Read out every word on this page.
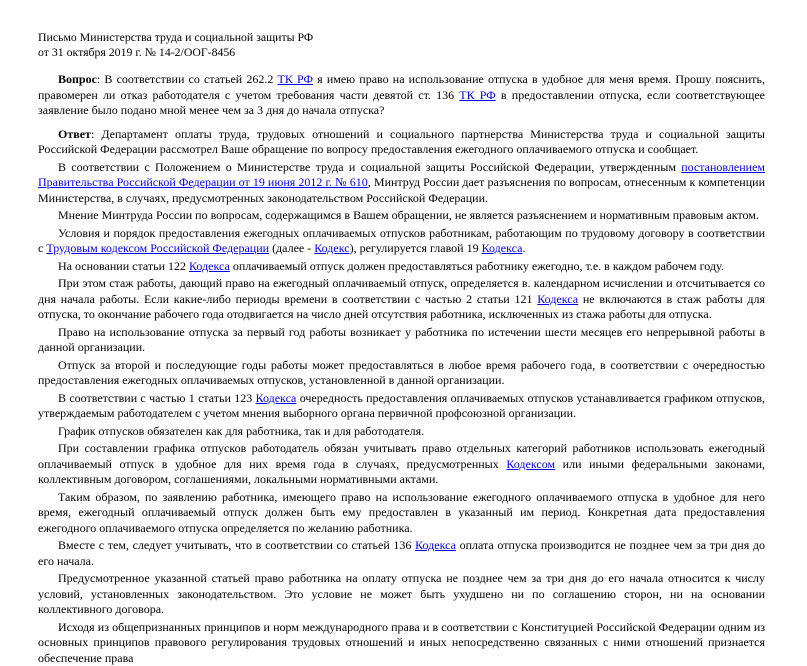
Письмо Министерства труда и социальной защиты РФ
от 31 октября 2019 г. № 14-2/ООГ-8456

Вопрос: В соответствии со статьей 262.2 ТК РФ я имею право на использование отпуска в удобное для меня время. Прошу пояснить, правомерен ли отказ работодателя с учетом требования части девятой ст. 136 ТК РФ в предоставлении отпуска, если соответствующее заявление было подано мной менее чем за 3 дня до начала отпуска?

Ответ: Департамент оплаты труда, трудовых отношений и социального партнерства Министерства труда и социальной защиты Российской Федерации рассмотрел Ваше обращение по вопросу предоставления ежегодного оплачиваемого отпуска и сообщает.

В соответствии с Положением о Министерстве труда и социальной защиты Российской Федерации, утвержденным постановлением Правительства Российской Федерации от 19 июня 2012 г. № 610, Минтруд России дает разъяснения по вопросам, отнесенным к компетенции Министерства, в случаях, предусмотренных законодательством Российской Федерации.

Мнение Минтруда России по вопросам, содержащимся в Вашем обращении, не является разъяснением и нормативным правовым актом.

Условия и порядок предоставления ежегодных оплачиваемых отпусков работникам, работающим по трудовому договору в соответствии с Трудовым кодексом Российской Федерации (далее - Кодекс), регулируется главой 19 Кодекса.

На основании статьи 122 Кодекса оплачиваемый отпуск должен предоставляться работнику ежегодно, т.е. в каждом рабочем году.

При этом стаж работы, дающий право на ежегодный оплачиваемый отпуск, определяется в. календарном исчислении и отсчитывается со дня начала работы. Если какие-либо периоды времени в соответствии с частью 2 статьи 121 Кодекса не включаются в стаж работы для отпуска, то окончание рабочего года отодвигается на число дней отсутствия работника, исключенных из стажа работы для отпуска.

Право на использование отпуска за первый год работы возникает у работника по истечении шести месяцев его непрерывной работы в данной организации.

Отпуск за второй и последующие годы работы может предоставляться в любое время рабочего года, в соответствии с очередностью предоставления ежегодных оплачиваемых отпусков, установленной в данной организации.

В соответствии с частью 1 статьи 123 Кодекса очередность предоставления оплачиваемых отпусков устанавливается графиком отпусков, утверждаемым работодателем с учетом мнения выборного органа первичной профсоюзной организации.

График отпусков обязателен как для работника, так и для работодателя.

При составлении графика отпусков работодатель обязан учитывать право отдельных категорий работников использовать ежегодный оплачиваемый отпуск в удобное для них время года в случаях, предусмотренных Кодексом или иными федеральными законами, коллективным договором, соглашениями, локальными нормативными актами.

Таким образом, по заявлению работника, имеющего право на использование ежегодного оплачиваемого отпуска в удобное для него время, ежегодный оплачиваемый отпуск должен быть ему предоставлен в указанный им период. Конкретная дата предоставления ежегодного оплачиваемого отпуска определяется по желанию работника.

Вместе с тем, следует учитывать, что в соответствии со статьей 136 Кодекса оплата отпуска производится не позднее чем за три дня до его начала.

Предусмотренное указанной статьей право работника на оплату отпуска не позднее чем за три дня до его начала относится к числу условий, установленных законодательством. Это условие не может быть ухудшено ни по соглашению сторон, ни на основании коллективного договора.

Исходя из общепризнанных принципов и норм международного права и в соответствии с Конституцией Российской Федерации одним из основных принципов правового регулирования трудовых отношений и иных непосредственно связанных с ними отношений признается обеспечение права
